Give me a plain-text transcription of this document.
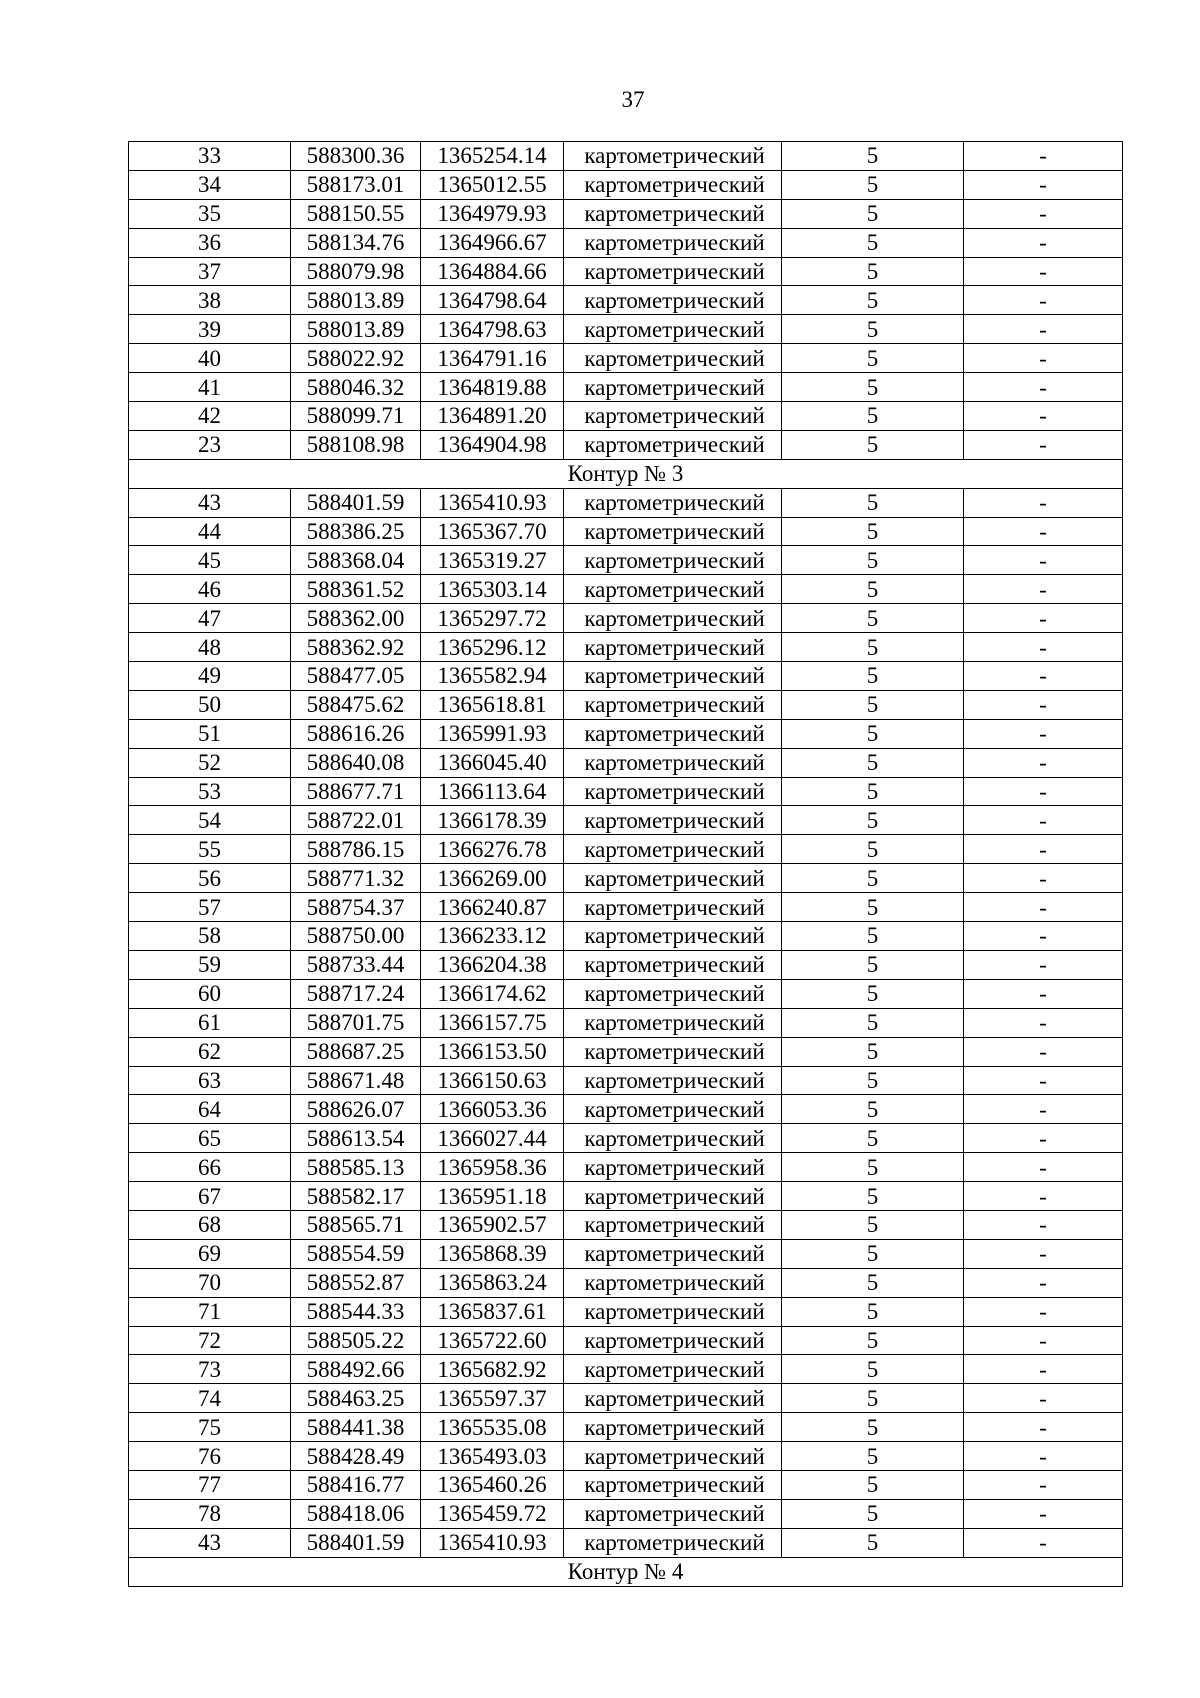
37
33	588300.36	1365254.14	картометрический	5	-
34	588173.01	1365012.55	картометрический	5	-
35	588150.55	1364979.93	картометрический	5	-
36	588134.76	1364966.67	картометрический	5	-
37	588079.98	1364884.66	картометрический	5	-
38	588013.89	1364798.64	картометрический	5	-
39	588013.89	1364798.63	картометрический	5	-
40	588022.92	1364791.16	картометрический	5	-
41	588046.32	1364819.88	картометрический	5	-
42	588099.71	1364891.20	картометрический	5	-
23	588108.98	1364904.98	картометрический	5	-
Контур № 3					
43	588401.59	1365410.93	картометрический	5	-
44	588386.25	1365367.70	картометрический	5	-
45	588368.04	1365319.27	картометрический	5	-
46	588361.52	1365303.14	картометрический	5	-
47	588362.00	1365297.72	картометрический	5	-
48	588362.92	1365296.12	картометрический	5	-
49	588477.05	1365582.94	картометрический	5	-
50	588475.62	1365618.81	картометрический	5	-
51	588616.26	1365991.93	картометрический	5	-
52	588640.08	1366045.40	картометрический	5	-
53	588677.71	1366113.64	картометрический	5	-
54	588722.01	1366178.39	картометрический	5	-
55	588786.15	1366276.78	картометрический	5	-
56	588771.32	1366269.00	картометрический	5	-
57	588754.37	1366240.87	картометрический	5	-
58	588750.00	1366233.12	картометрический	5	-
59	588733.44	1366204.38	картометрический	5	-
60	588717.24	1366174.62	картометрический	5	-
61	588701.75	1366157.75	картометрический	5	-
62	588687.25	1366153.50	картометрический	5	-
63	588671.48	1366150.63	картометрический	5	-
64	588626.07	1366053.36	картометрический	5	-
65	588613.54	1366027.44	картометрический	5	-
66	588585.13	1365958.36	картометрический	5	-
67	588582.17	1365951.18	картометрический	5	-
68	588565.71	1365902.57	картометрический	5	-
69	588554.59	1365868.39	картометрический	5	-
70	588552.87	1365863.24	картометрический	5	-
71	588544.33	1365837.61	картометрический	5	-
72	588505.22	1365722.60	картометрический	5	-
73	588492.66	1365682.92	картометрический	5	-
74	588463.25	1365597.37	картометрический	5	-
75	588441.38	1365535.08	картометрический	5	-
76	588428.49	1365493.03	картометрический	5	-
77	588416.77	1365460.26	картометрический	5	-
78	588418.06	1365459.72	картометрический	5	-
43	588401.59	1365410.93	картометрический	5	-
Контур № 4					
